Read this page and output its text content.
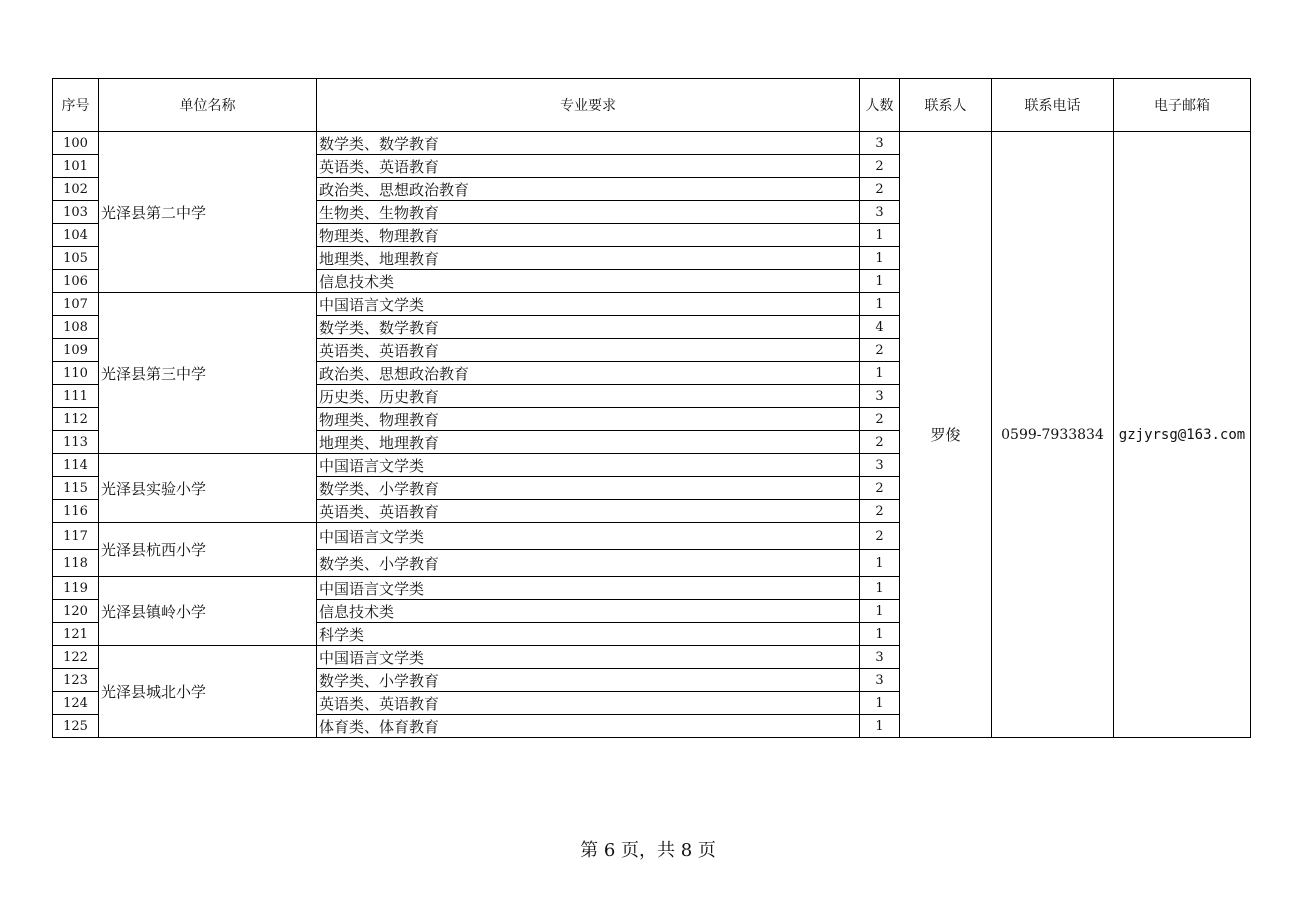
序号	单位名称	专业要求	人数	联系人	联系电话	电子邮箱
100	光泽县第二中学	数学类、数学教育	3	罗俊	0599-7933834	gzjyrsg@163.com
101		英语类、英语教育	2			
102		政治类、思想政治教育	2			
103		生物类、生物教育	3			
104		物理类、物理教育	1			
105		地理类、地理教育	1			
106		信息技术类	1			
107	光泽县第三中学	中国语言文学类	1			
108		数学类、数学教育	4			
109		英语类、英语教育	2			
110		政治类、思想政治教育	1			
111		历史类、历史教育	3			
112		物理类、物理教育	2			
113		地理类、地理教育	2			
114	光泽县实验小学	中国语言文学类	3			
115		数学类、小学教育	2			
116		英语类、英语教育	2			
117	光泽县杭西小学	中国语言文学类	2			
118		数学类、小学教育	1			
119	光泽县镇岭小学	中国语言文学类	1			
120		信息技术类	1			
121		科学类	1			
122	光泽县城北小学	中国语言文学类	3			
123		数学类、小学教育	3			
124		英语类、英语教育	1			
125		体育类、体育教育	1			
第 6 页，共 8 页
